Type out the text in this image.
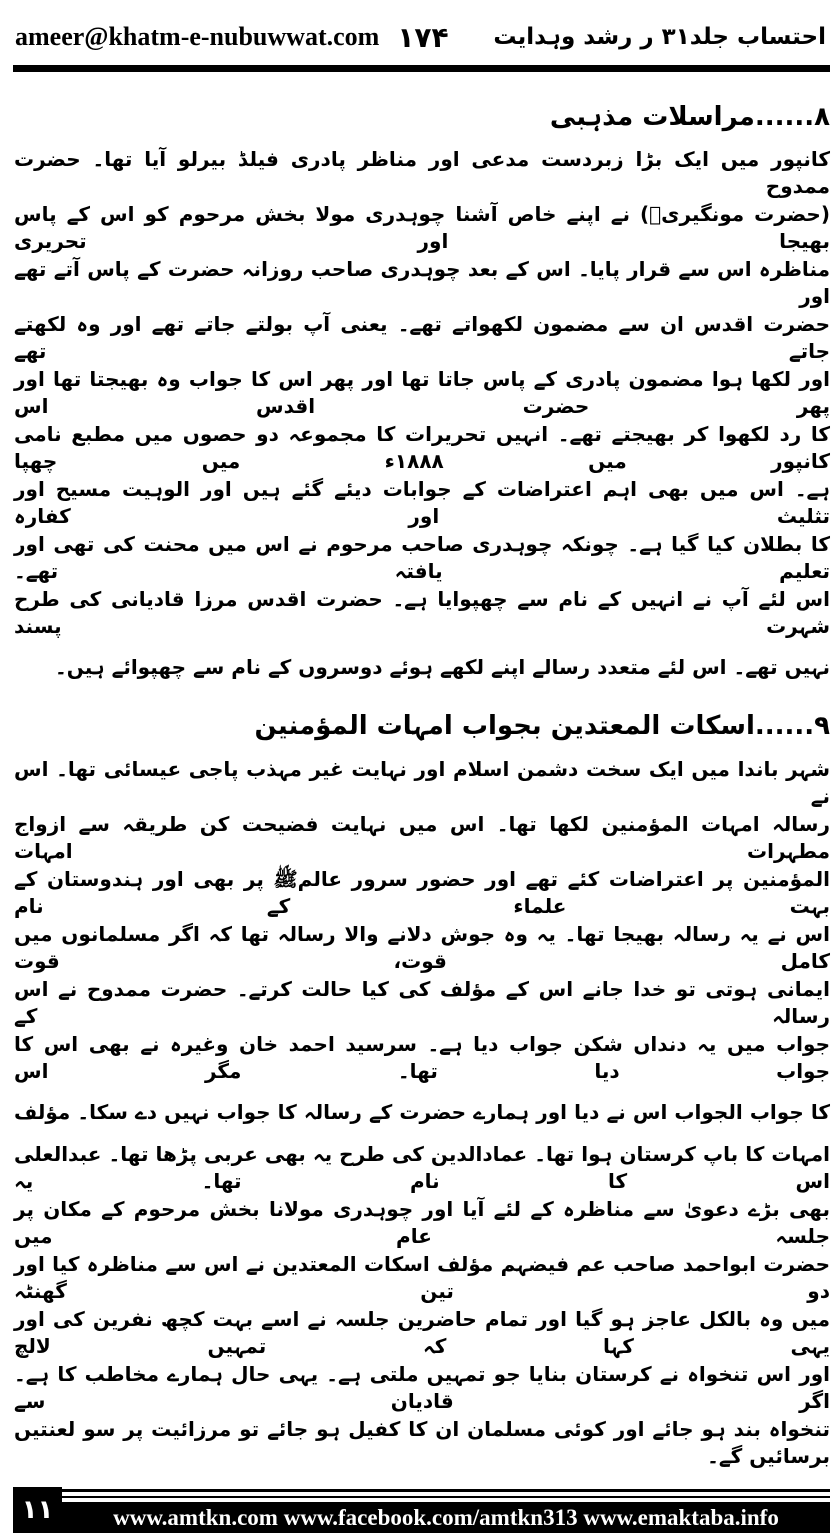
ameer@khatm-e-nubuwwat.com ۱۷۴ احتساب جلد۳۱ ر رشد وہدایت
۸......مراسلات مذہبی
کانپور میں ایک بڑا زبردست مدعی اور مناظر پادری فیلڈ بیرلو آیا تھا۔ حضرت ممدوح
(حضرت مونگیریؒ) نے اپنے خاص آشنا چوہدری مولا بخش مرحوم کو اس کے پاس بھیجا اور تحریری
مناظرہ اس سے قرار پایا۔ اس کے بعد چوہدری صاحب روزانہ حضرت کے پاس آتے تھے اور
حضرت اقدس ان سے مضمون لکھواتے تھے۔ یعنی آپ بولتے جاتے تھے اور وہ لکھتے جاتے تھے
اور لکھا ہوا مضمون پادری کے پاس جاتا تھا اور پھر اس کا جواب وہ بھیجتا تھا اور پھر حضرت اقدس اس
کا رد لکھوا کر بھیجتے تھے۔ انہیں تحریرات کا مجموعہ دو حصوں میں مطبع نامی کانپور میں ۱۸۸۸ء میں چھپا
ہے۔ اس میں بھی اہم اعتراضات کے جوابات دیئے گئے ہیں اور الوہیت مسیح اور تثلیث اور کفارہ
کا بطلان کیا گیا ہے۔ چونکہ چوہدری صاحب مرحوم نے اس میں محنت کی تھی اور تعلیم یافتہ تھے۔
اس لئے آپ نے انہیں کے نام سے چھپوایا ہے۔ حضرت اقدس مرزا قادیانی کی طرح شہرت پسند
نہیں تھے۔ اس لئے متعدد رسالے اپنے لکھے ہوئے دوسروں کے نام سے چھپوائے ہیں۔
۹......اسکات المعتدین بجواب امہات المؤمنین
شہر باندا میں ایک سخت دشمن اسلام اور نہایت غیر مہذب پاجی عیسائی تھا۔ اس نے
رسالہ امہات المؤمنین لکھا تھا۔ اس میں نہایت فضیحت کن طریقہ سے ازواج مطہرات امہات
المؤمنین پر اعتراضات کئے تھے اور حضور سرور عالمﷺ پر بھی اور ہندوستان کے بہت علماء کے نام
اس نے یہ رسالہ بھیجا تھا۔ یہ وہ جوش دلانے والا رسالہ تھا کہ اگر مسلمانوں میں کامل قوت، قوت
ایمانی ہوتی تو خدا جانے اس کے مؤلف کی کیا حالت کرتے۔ حضرت ممدوح نے اس رسالہ کے
جواب میں یہ دنداں شکن جواب دیا ہے۔ سرسید احمد خان وغیرہ نے بھی اس کا جواب دیا تھا۔ مگر اس
کا جواب الجواب اس نے دیا اور ہمارے حضرت کے رسالہ کا جواب نہیں دے سکا۔ مؤلف
امہات کا باپ کرستان ہوا تھا۔ عمادالدین کی طرح یہ بھی عربی پڑھا تھا۔ عبدالعلی اس کا نام تھا۔ یہ
بھی بڑے دعویٰ سے مناظرہ کے لئے آیا اور چوہدری مولانا بخش مرحوم کے مکان پر جلسہ عام میں
حضرت ابواحمد صاحب عم فیضہم مؤلف اسکات المعتدین نے اس سے مناظرہ کیا اور دو تین گھنٹہ
میں وہ بالکل عاجز ہو گیا اور تمام حاضرین جلسہ نے اسے بہت کچھ نفرین کی اور یہی کہا کہ تمہیں لالچ
اور اس تنخواہ نے کرستان بنایا جو تمہیں ملتی ہے۔ یہی حال ہمارے مخاطب کا ہے۔ اگر قادیان سے
تنخواہ بند ہو جائے اور کوئی مسلمان ان کا کفیل ہو جائے تو مرزائیت پر سو لعنتیں برسائیں گے۔
۱۱	www.amtkn.com www.facebook.com/amtkn313 www.emaktaba.info
